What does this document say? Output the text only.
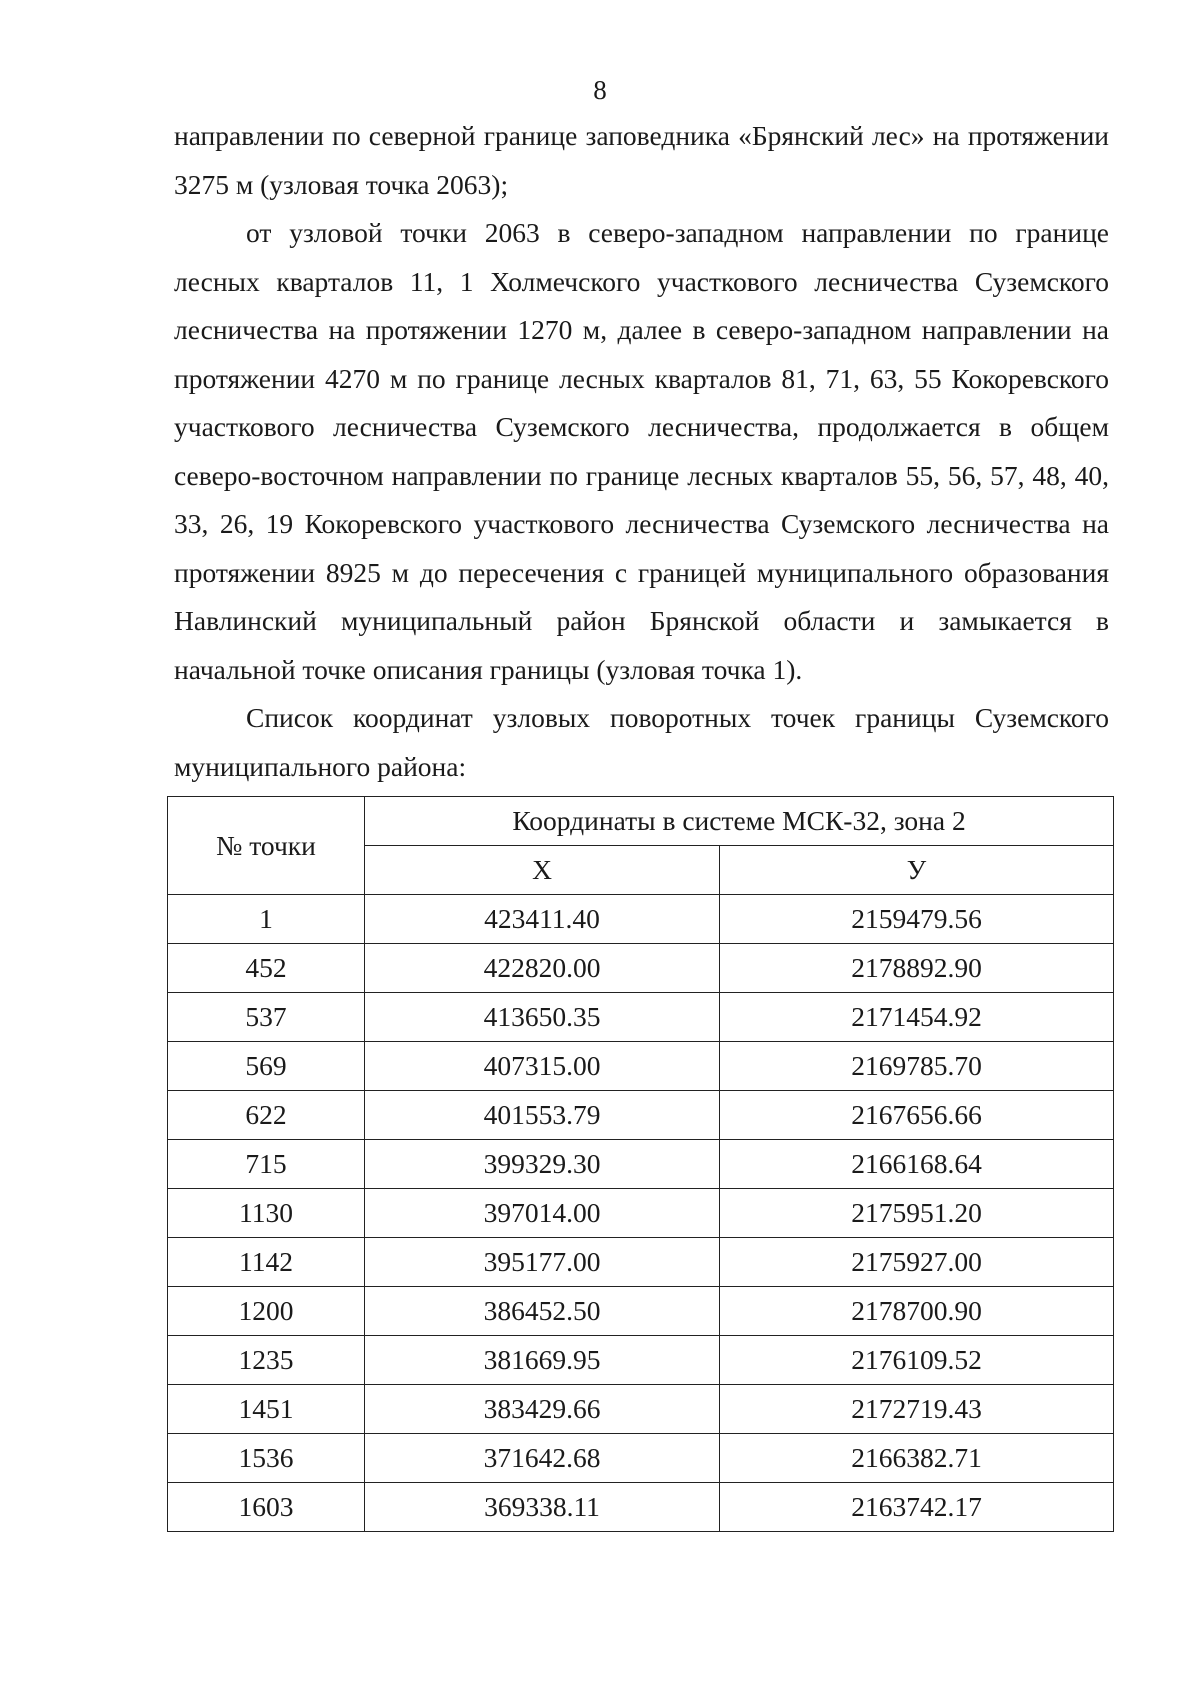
8

направлении по северной границе заповедника «Брянский лес» на протяжении 3275 м (узловая точка 2063);

от узловой точки 2063 в северо-западном направлении по границе лесных кварталов 11, 1 Холмечского участкового лесничества Суземского лесничества на протяжении 1270 м, далее в северо-западном направлении на протяжении 4270 м по границе лесных кварталов 81, 71, 63, 55 Кокоревского участкового лесничества Суземского лесничества, продолжается в общем северо-восточном направлении по границе лесных кварталов 55, 56, 57, 48, 40, 33, 26, 19 Кокоревского участкового лесничества Суземского лесничества на протяжении 8925 м до пересечения с границей муниципального образования Навлинский муниципальный район Брянской области и замыкается в начальной точке описания границы (узловая точка 1).

Список координат узловых поворотных точек границы Суземского муниципального района:

№ точки	Координаты в системе МСК-32, зона 2	
	Х	У
1	423411.40	2159479.56
452	422820.00	2178892.90
537	413650.35	2171454.92
569	407315.00	2169785.70
622	401553.79	2167656.66
715	399329.30	2166168.64
1130	397014.00	2175951.20
1142	395177.00	2175927.00
1200	386452.50	2178700.90
1235	381669.95	2176109.52
1451	383429.66	2172719.43
1536	371642.68	2166382.71
1603	369338.11	2163742.17
